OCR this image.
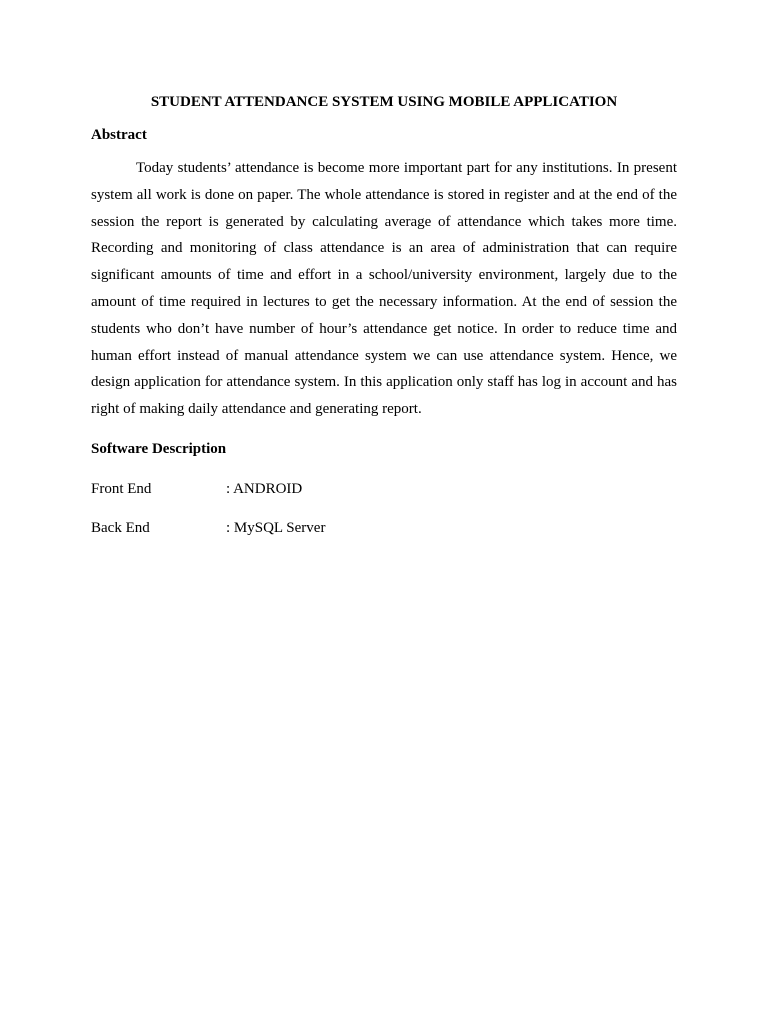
STUDENT ATTENDANCE SYSTEM USING MOBILE APPLICATION
Abstract

Today students’ attendance is become more important part for any institutions. In present system all work is done on paper. The whole attendance is stored in register and at the end of the session the report is generated by calculating average of attendance which takes more time. Recording and monitoring of class attendance is an area of administration that can require significant amounts of time and effort in a school/university environment, largely due to the amount of time required in lectures to get the necessary information. At the end of session the students who don’t have number of hour’s attendance get notice. In order to reduce time and human effort instead of manual attendance system we can use attendance system. Hence, we design application for attendance system. In this application only staff has log in account and has right of making daily attendance and generating report.

Software Description
Front End	: ANDROID
Back End	: MySQL Server
